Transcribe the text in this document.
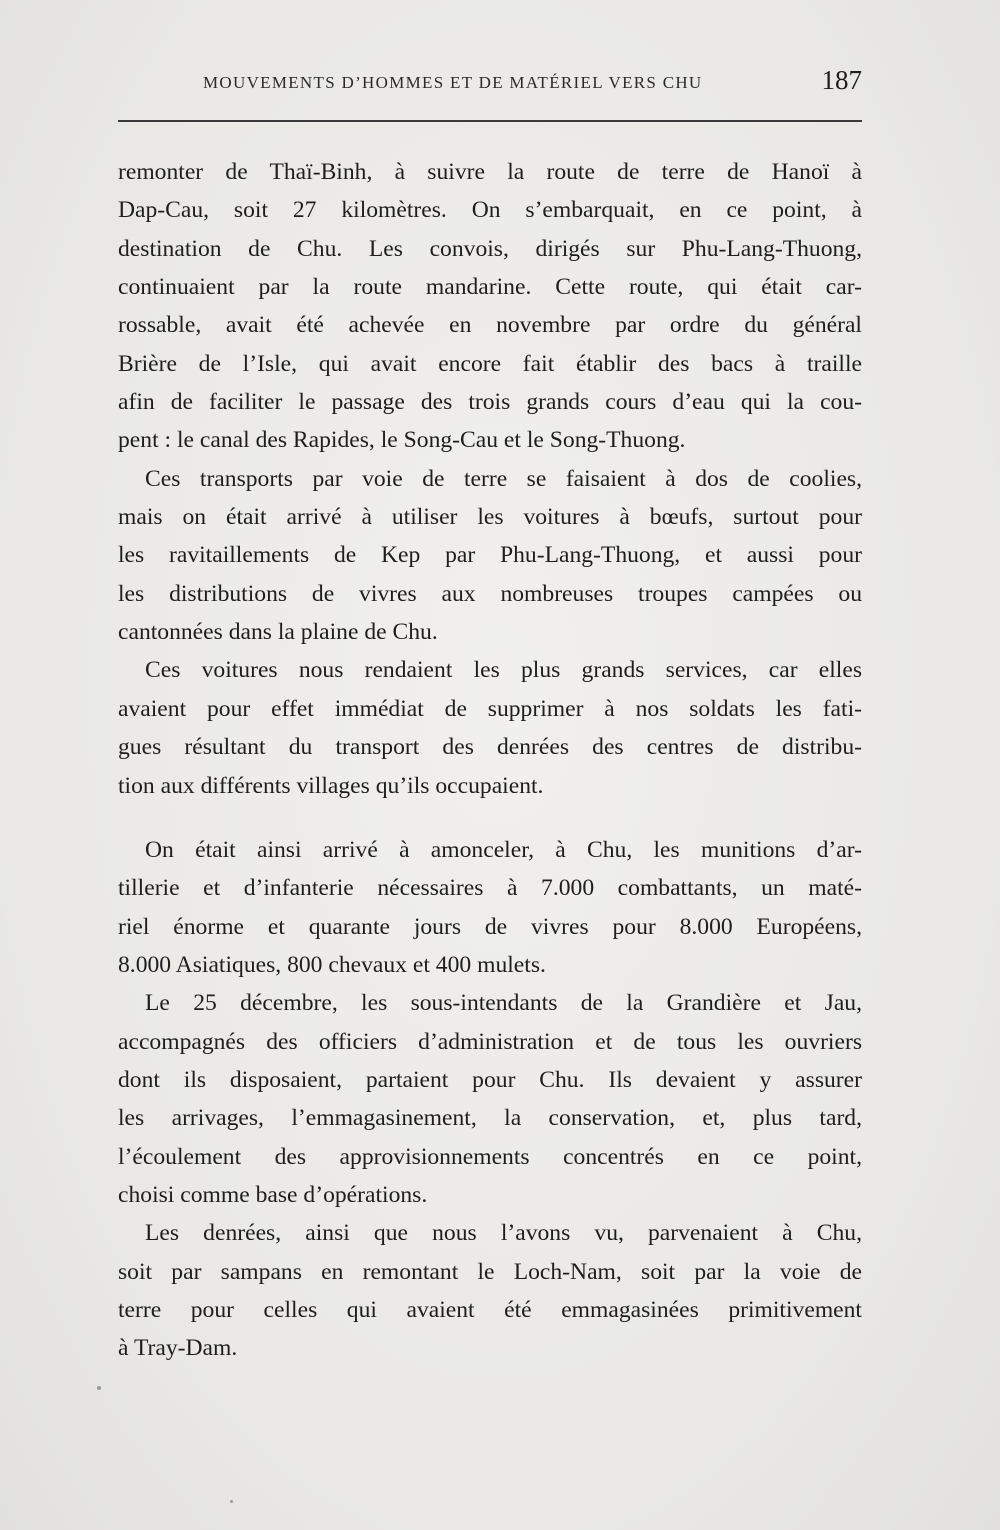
MOUVEMENTS D’HOMMES ET DE MATÉRIEL VERS CHU	187
remonter de Thaï-Binh, à suivre la route de terre de Hanoï à
Dap-Cau, soit 27 kilomètres. On s’embarquait, en ce point, à
destination de Chu. Les convois, dirigés sur Phu-Lang-Thuong,
continuaient par la route mandarine. Cette route, qui était car-
rossable, avait été achevée en novembre par ordre du général
Brière de l’Isle, qui avait encore fait établir des bacs à traille
afin de faciliter le passage des trois grands cours d’eau qui la cou-
pent : le canal des Rapides, le Song-Cau et le Song-Thuong.
Ces transports par voie de terre se faisaient à dos de coolies,
mais on était arrivé à utiliser les voitures à bœufs, surtout pour
les ravitaillements de Kep par Phu-Lang-Thuong, et aussi pour
les distributions de vivres aux nombreuses troupes campées ou
cantonnées dans la plaine de Chu.
Ces voitures nous rendaient les plus grands services, car elles
avaient pour effet immédiat de supprimer à nos soldats les fati-
gues résultant du transport des denrées des centres de distribu-
tion aux différents villages qu’ils occupaient.
On était ainsi arrivé à amonceler, à Chu, les munitions d’ar-
tillerie et d’infanterie nécessaires à 7.000 combattants, un maté-
riel énorme et quarante jours de vivres pour 8.000 Européens,
8.000 Asiatiques, 800 chevaux et 400 mulets.
Le 25 décembre, les sous-intendants de la Grandière et Jau,
accompagnés des officiers d’administration et de tous les ouvriers
dont ils disposaient, partaient pour Chu. Ils devaient y assurer
les arrivages, l’emmagasinement, la conservation, et, plus tard,
l’écoulement des approvisionnements concentrés en ce point,
choisi comme base d’opérations.
Les denrées, ainsi que nous l’avons vu, parvenaient à Chu,
soit par sampans en remontant le Loch-Nam, soit par la voie de
terre pour celles qui avaient été emmagasinées primitivement
à Tray-Dam.
